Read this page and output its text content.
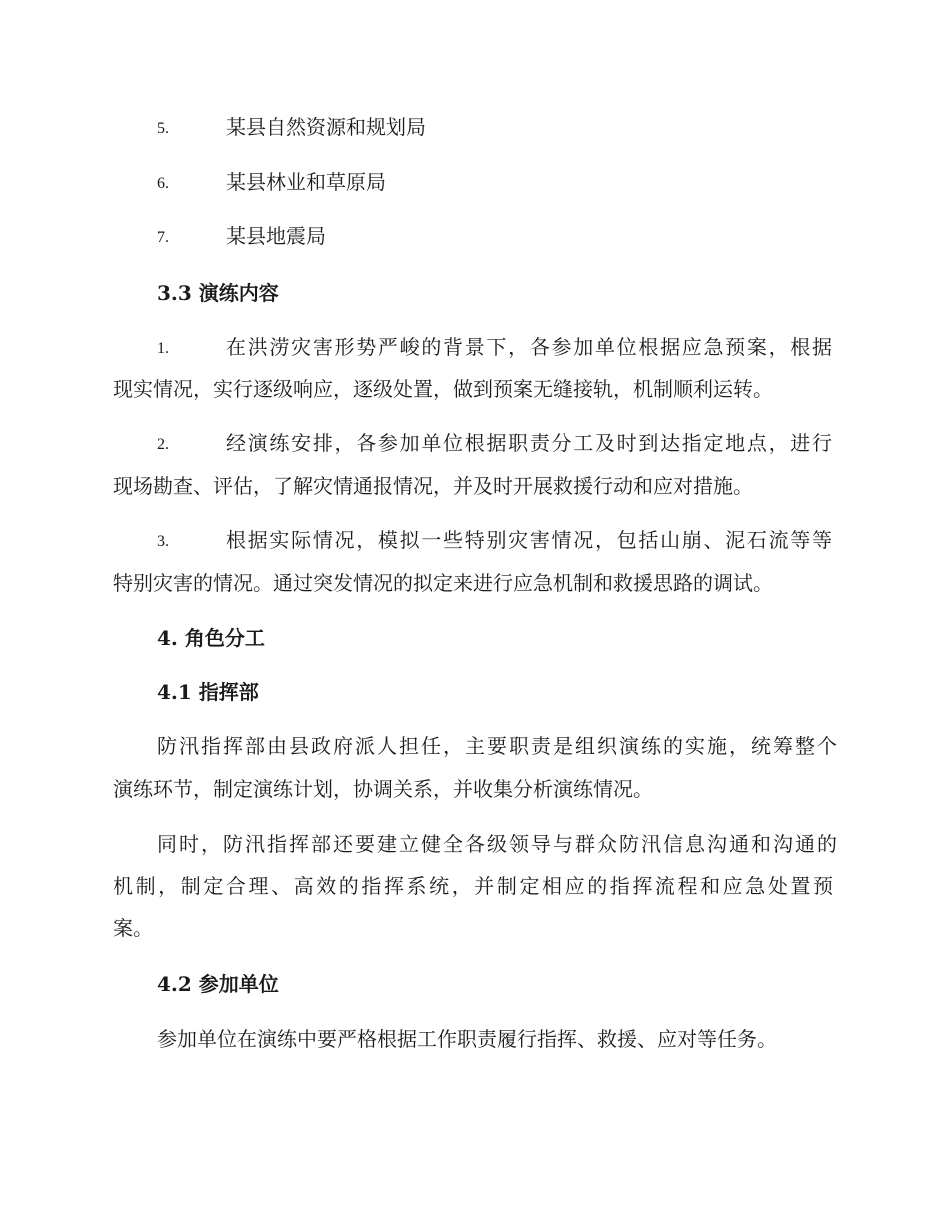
5.	某县自然资源和规划局
6.	某县林业和草原局
7.	某县地震局
3.3 演练内容
1.	在洪涝灾害形势严峻的背景下，各参加单位根据应急预案，根据
现实情况，实行逐级响应，逐级处置，做到预案无缝接轨，机制顺利运转。
2.	经演练安排，各参加单位根据职责分工及时到达指定地点，进行
现场勘查、评估，了解灾情通报情况，并及时开展救援行动和应对措施。
3.	根据实际情况，模拟一些特别灾害情况，包括山崩、泥石流等等
特别灾害的情况。通过突发情况的拟定来进行应急机制和救援思路的调试。
4. 角色分工
4.1 指挥部
防汛指挥部由县政府派人担任，主要职责是组织演练的实施，统筹整个
演练环节，制定演练计划，协调关系，并收集分析演练情况。
同时，防汛指挥部还要建立健全各级领导与群众防汛信息沟通和沟通的
机制，制定合理、高效的指挥系统，并制定相应的指挥流程和应急处置预
案。
4.2 参加单位
参加单位在演练中要严格根据工作职责履行指挥、救援、应对等任务。
